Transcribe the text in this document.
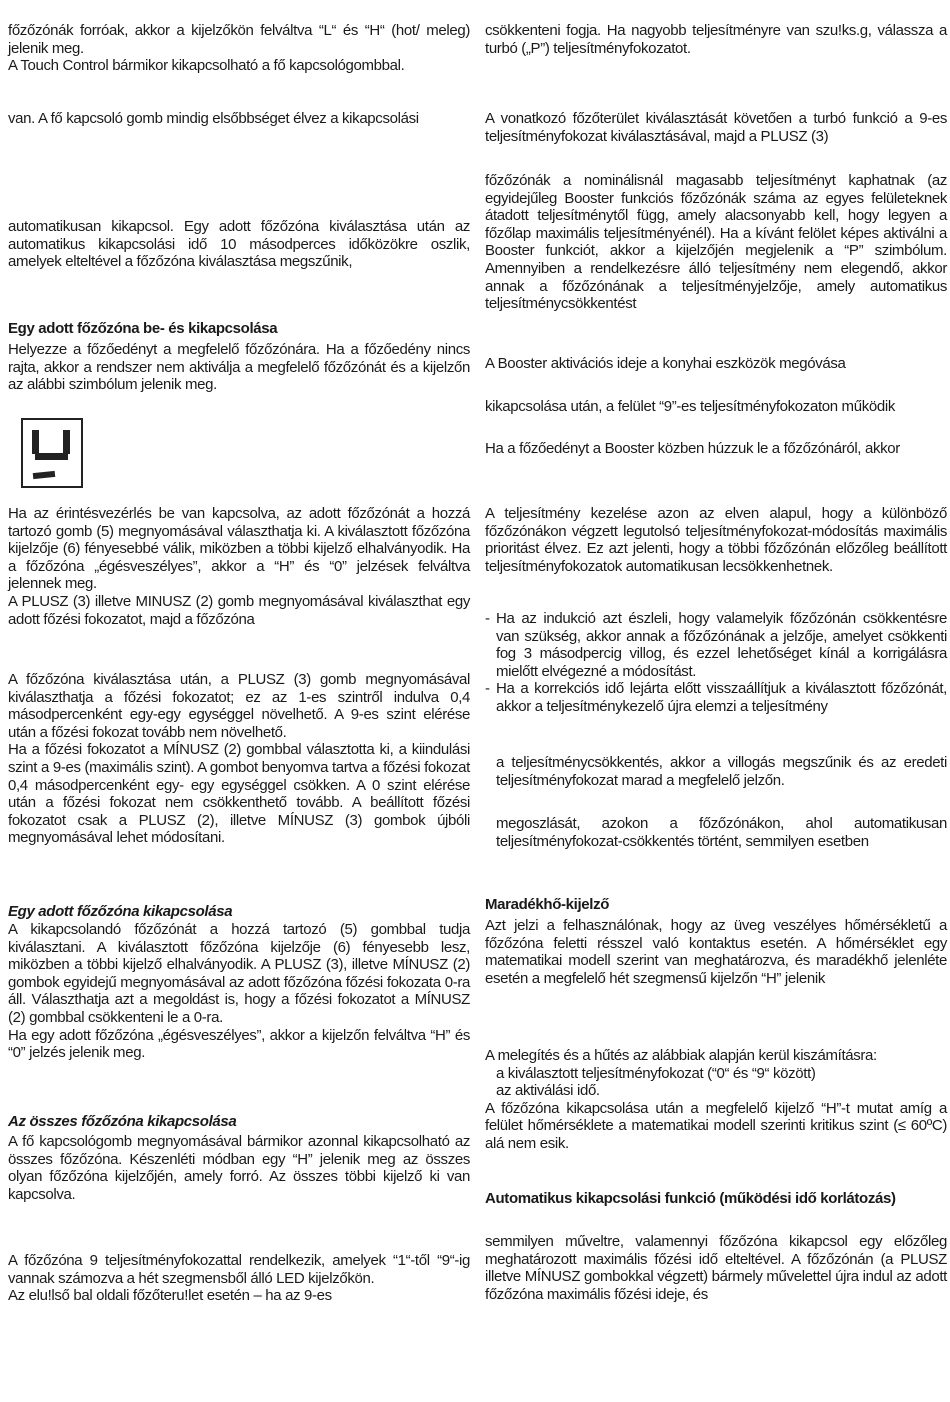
főzőzónák forróak, akkor a kijelzőkön felváltva “L“ és “H“ (hot/ meleg) jelenik meg.
A Touch Control bármikor kikapcsolható a fő kapcsológombbal.

van. A fő kapcsoló gomb mindig elsőbbséget élvez a kikapcsolási

automatikusan kikapcsol. Egy adott főzőzóna kiválasztása után az automatikus kikapcsolási idő 10 másodperces időközökre oszlik, amelyek elteltével a főzőzóna kiválasztása megszűnik,

Egy adott főzőzóna be- és kikapcsolása

Helyezze a főzőedényt a megfelelő főzőzónára. Ha a főzőedény nincs rajta, akkor a rendszer nem aktiválja a megfelelő főzőzónát és a kijelzőn az alábbi szimbólum jelenik meg.

Ha az érintésvezérlés be van kapcsolva, az adott főzőzónát a hozzá tartozó gomb (5) megnyomásával választhatja ki. A kiválasztott főzőzóna kijelzője (6) fényesebbé válik, miközben a többi kijelző elhalványodik. Ha a főzőzóna „égésveszélyes”, akkor a “H” és “0” jelzések felváltva jelennek meg.
A PLUSZ (3) illetve MINUSZ (2) gomb megnyomásával kiválaszthat egy adott főzési fokozatot, majd a főzőzóna
A főzőzóna kiválasztása után, a PLUSZ (3) gomb megnyomásával kiválaszthatja a főzési fokozatot; ez az 1-es szintről indulva 0,4 másodpercenként egy-egy egységgel növelhető. A 9-es szint elérése után a főzési fokozat tovább nem növelhető.
Ha a főzési fokozatot a MÍNUSZ (2) gombbal választotta ki, a kiindulási szint a 9-es (maximális szint). A gombot benyomva tartva a főzési fokozat 0,4 másodpercenként egy- egy egységgel csökken. A 0 szint elérése után a főzési fokozat nem csökkenthető tovább. A beállított főzési fokozatot csak a PLUSZ (2), illetve MÍNUSZ (3) gombok újbóli megnyomásával lehet módosítani.

Egy adott főzőzóna kikapcsolása

A kikapcsolandó főzőzónát a hozzá tartozó (5) gombbal tudja kiválasztani. A kiválasztott főzőzóna kijelzője (6) fényesebb lesz, miközben a többi kijelző elhalványodik. A PLUSZ (3), illetve MÍNUSZ (2) gombok egyidejű megnyomásával az adott főzőzóna főzési fokozata 0-ra áll. Választhatja azt a megoldást is, hogy a főzési fokozatot a MÍNUSZ (2) gombbal csökkenteni le a 0-ra.
Ha egy adott főzőzóna „égésveszélyes”, akkor a kijelzőn felváltva “H” és “0” jelzés jelenik meg.

Az összes főzőzóna kikapcsolása

A fő kapcsológomb megnyomásával bármikor azonnal kikapcsolható az összes főzőzóna. Készenléti módban egy “H” jelenik meg az összes olyan főzőzóna kijelzőjén, amely forró. Az összes többi kijelző ki van kapcsolva.

A főzőzóna 9 teljesítményfokozattal rendelkezik, amelyek “1“-től “9“-ig vannak számozva a hét szegmensből álló LED kijelzőkön.
Az elu!lső bal oldali főzőteru!let esetén – ha az 9-es

csökkenteni fogja. Ha nagyobb teljesítményre van szu!ks.g, válassza a turbó („P”) teljesítményfokozatot.

A vonatkozó főzőterület kiválasztását követően a turbó funkció a 9-es teljesítményfokozat kiválasztásával, majd a PLUSZ (3)

főzőzónák a nominálisnál magasabb teljesítményt kaphatnak (az egyidejűleg Booster funkciós főzőzónák száma az egyes felületeknek átadott teljesítménytől függ, amely alacsonyabb kell, hogy legyen a főzőlap maximális teljesítményénél). Ha a kívánt felölet képes aktiválni a Booster funkciót, akkor a kijelzőjén megjelenik a “P” szimbólum. Amennyiben a rendelkezésre álló teljesítmény nem elegendő, akkor annak a főzőzónának a teljesítményjelzője, amely automatikus teljesítménycsökkentést

A Booster aktivációs ideje a konyhai eszközök megóvása

kikapcsolása után, a felület “9”-es teljesítményfokozaton működik

Ha a főzőedényt a Booster közben húzzuk le a főzőzónáról, akkor

A teljesítmény kezelése azon az elven alapul, hogy a különböző főzőzónákon végzett legutolsó teljesítményfokozat-módosítás maximális prioritást élvez. Ez azt jelenti, hogy a többi főzőzónán előzőleg beállított teljesítményfokozatok automatikusan lecsökkenhetnek.

- Ha az indukció azt észleli, hogy valamelyik főzőzónán csökkentésre van szükség, akkor annak a főzőzónának a jelzője, amelyet csökkenti fog 3 másodpercig villog, és ezzel lehetőséget kínál a korrigálásra mielőtt elvégezné a módosítást.
- Ha a korrekciós idő lejárta előtt visszaállítjuk a kiválasztott főzőzónát, akkor a teljesítménykezelő újra elemzi a teljesítmény

a teljesítménycsökkentés, akkor a villogás megszűnik és az eredeti teljesítményfokozat marad a megfelelő jelzőn.

megoszlását, azokon a főzőzónákon, ahol automatikusan teljesítményfokozat-csökkentés történt, semmilyen esetben

Maradékhő-kijelző

Azt jelzi a felhasználónak, hogy az üveg veszélyes hőmérsékletű a főzőzóna feletti résszel való kontaktus esetén. A hőmérséklet egy matematikai modell szerint van meghatározva, és maradékhő jelenléte esetén a megfelelő hét szegmensű kijelzőn “H” jelenik

A melegítés és a hűtés az alábbiak alapján kerül kiszámításra:
a kiválasztott teljesítményfokozat (“0“ és “9“ között)
az aktiválási idő.
A főzőzóna kikapcsolása után a megfelelő kijelző “H”-t mutat amíg a felület hőmérséklete a matematikai modell szerinti kritikus szint (≤ 60ºC) alá nem esik.

Automatikus kikapcsolási funkció (működési idő korlátozás)

semmilyen műveltre, valamennyi főzőzóna kikapcsol egy előzőleg meghatározott maximális főzési idő elteltével. A főzőzónán (a PLUSZ illetve MÍNUSZ gombokkal végzett) bármely művelettel újra indul az adott főzőzóna maximális főzési ideje, és
